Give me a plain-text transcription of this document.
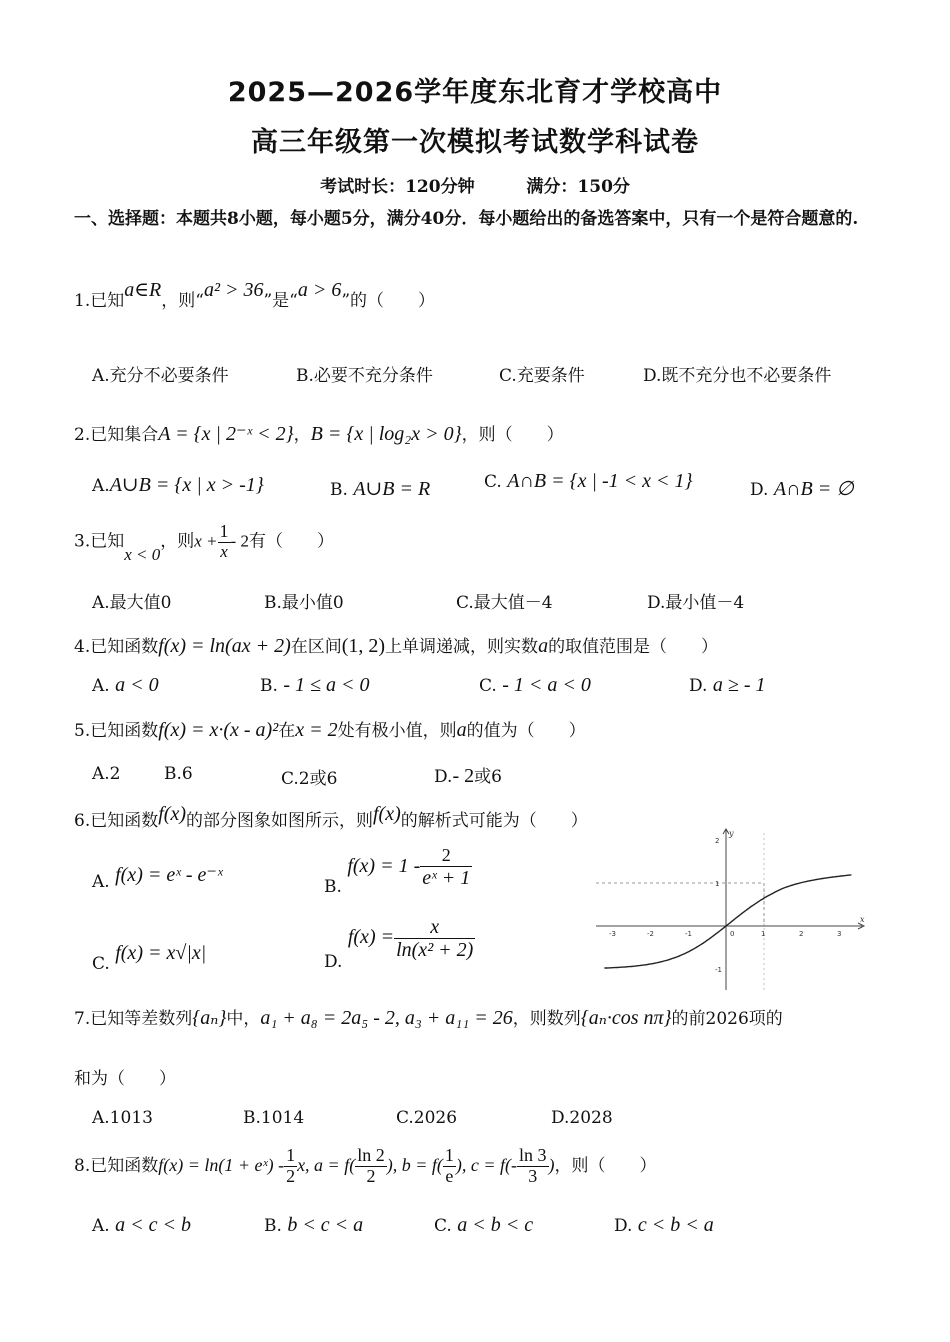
2025—2026学年度东北育才学校高中
高三年级第一次模拟考试数学科试卷
考试时长：120分钟	满分：150分
一、选择题：本题共8小题，每小题5分，满分40分．每小题给出的备选答案中，只有一个是符合题意的.
1.已知a∈R，则“a² > 36”是“a > 6”的（　　）
A.充分不必要条件	B.必要不充分条件	C.充要条件	D.既不充分也不必要条件
2.已知集合A = {x | 2⁻ˣ < 2}，B = {x | log₂x > 0}，则（　　）
A.A∪B = {x | x > -1}	B. A∪B = R	C. A∩B = {x | -1 < x < 1}	D. A∩B = ∅
3.已知x < 0，则$x + \frac{1}{x} - 2$有（　　）
A.最大值0	B.最小值0	C.最大值－4	D.最小值－4
4.已知函数f(x) = ln(ax + 2)在区间(1, 2)上单调递减，则实数a的取值范围是（　　）
A. a < 0	B. - 1 ≤ a < 0	C. - 1 < a < 0	D. a ≥ - 1
5.已知函数f(x) = x·(x - a)²在x = 2处有极小值，则a的值为（　　）
A.2	B.6	C.2或6	D.- 2或6
6.已知函数f(x)的部分图象如图所示，则f(x)的解析式可能为（　　）
A. f(x) = eˣ - e⁻ˣ
B. $f(x) = 1 - \frac{2}{\text{eˣ + 1}}$
C. f(x) = x√|x|	D. $f(x) = \frac{x}{\text{ln(x² + 2)}}$	-3	-2	-1	0	1	2	3
-1
1
2
x
y
7.已知等差数列{aₙ}中，a₁ + a₈ = 2a₅ - 2, a₃ + a₁₁ = 26，则数列{aₙ·cos nπ}的前2026项的
和为（　　）
A.1013	B.1014	C.2026	D.2028
8.已知函数f(x) = ln(1 + eˣ) - $\frac{1}{2} x$, $a = f( \frac{\ln 2}{2}$ ), $b = f( \frac{1}{e}$ ), $c = f(- \frac{\ln 3}{3}$ )，则（　　）
A. a < c < b	B. b < c < a	C. a < b < c	D. c < b < a
